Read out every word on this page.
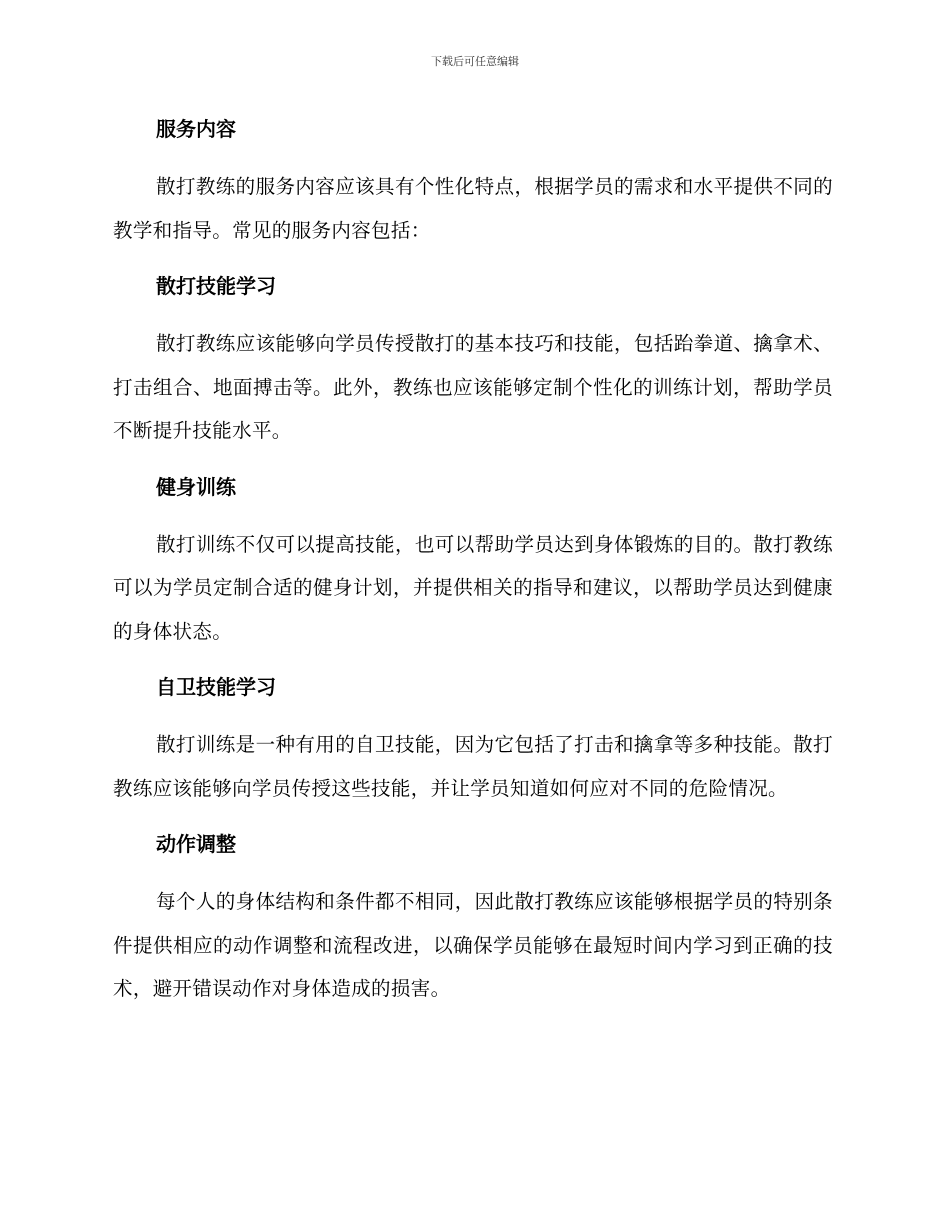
下载后可任意编辑
服务内容

散打教练的服务内容应该具有个性化特点，根据学员的需求和水平提供不同的教学和指导。常见的服务内容包括：

散打技能学习

散打教练应该能够向学员传授散打的基本技巧和技能，包括跆拳道、擒拿术、打击组合、地面搏击等。此外，教练也应该能够定制个性化的训练计划，帮助学员不断提升技能水平。

健身训练

散打训练不仅可以提高技能，也可以帮助学员达到身体锻炼的目的。散打教练可以为学员定制合适的健身计划，并提供相关的指导和建议，以帮助学员达到健康的身体状态。

自卫技能学习

散打训练是一种有用的自卫技能，因为它包括了打击和擒拿等多种技能。散打教练应该能够向学员传授这些技能，并让学员知道如何应对不同的危险情况。

动作调整

每个人的身体结构和条件都不相同，因此散打教练应该能够根据学员的特别条件提供相应的动作调整和流程改进，以确保学员能够在最短时间内学习到正确的技术，避开错误动作对身体造成的损害。
